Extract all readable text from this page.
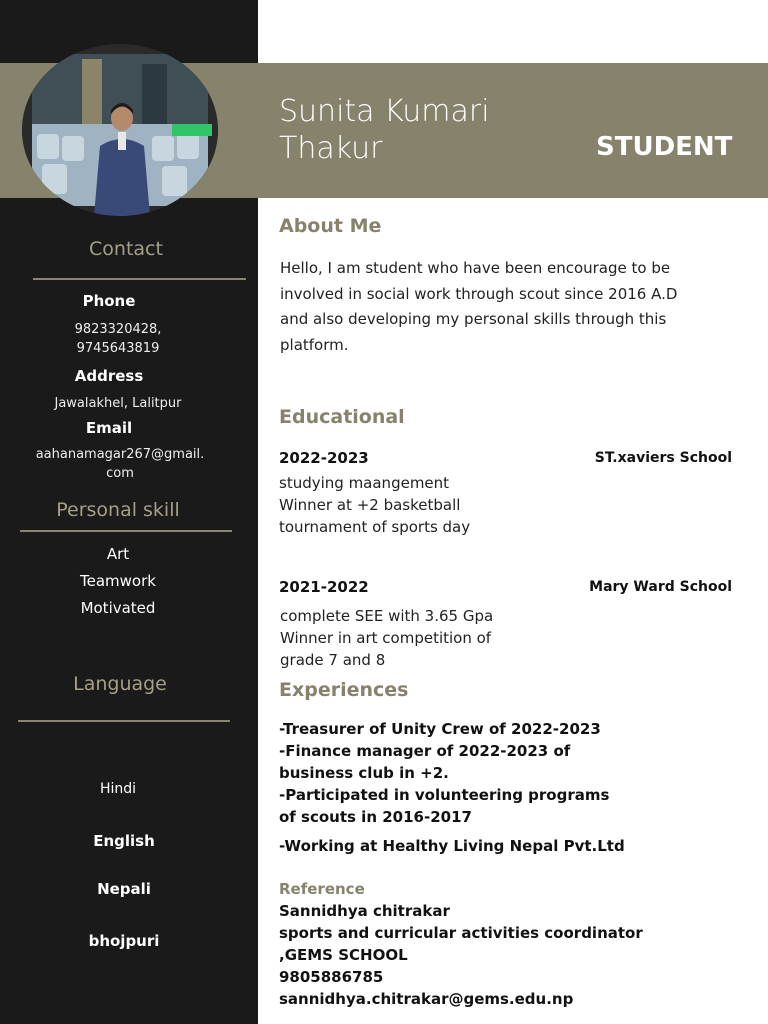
Sunita Kumari
Thakur	STUDENT
Contact
Phone
9823320428,
9745643819
Address
Jawalakhel, Lalitpur
Email
aahanamagar267@gmail.
com
Personal skill
Art
Teamwork
Motivated
Language
Hindi
English
Nepali
bhojpuri
About Me
Hello, I am student who have been encourage to be
involved in social work through scout since 2016 A.D
and also developing my personal skills through this
platform.
Educational
2022-2023	ST.xaviers School
studying maangement
Winner at +2 basketball
tournament of sports day
2021-2022	Mary Ward School
complete SEE with 3.65 Gpa
Winner in art competition of
grade 7 and 8
Experiences
-Treasurer of Unity Crew of 2022-2023
-Finance manager of 2022-2023 of
business club in +2.
-Participated in volunteering programs
of scouts in 2016-2017
-Working at Healthy Living Nepal Pvt.Ltd
Reference
Sannidhya chitrakar
sports and curricular activities coordinator
,GEMS SCHOOL
9805886785
sannidhya.chitrakar@gems.edu.np
